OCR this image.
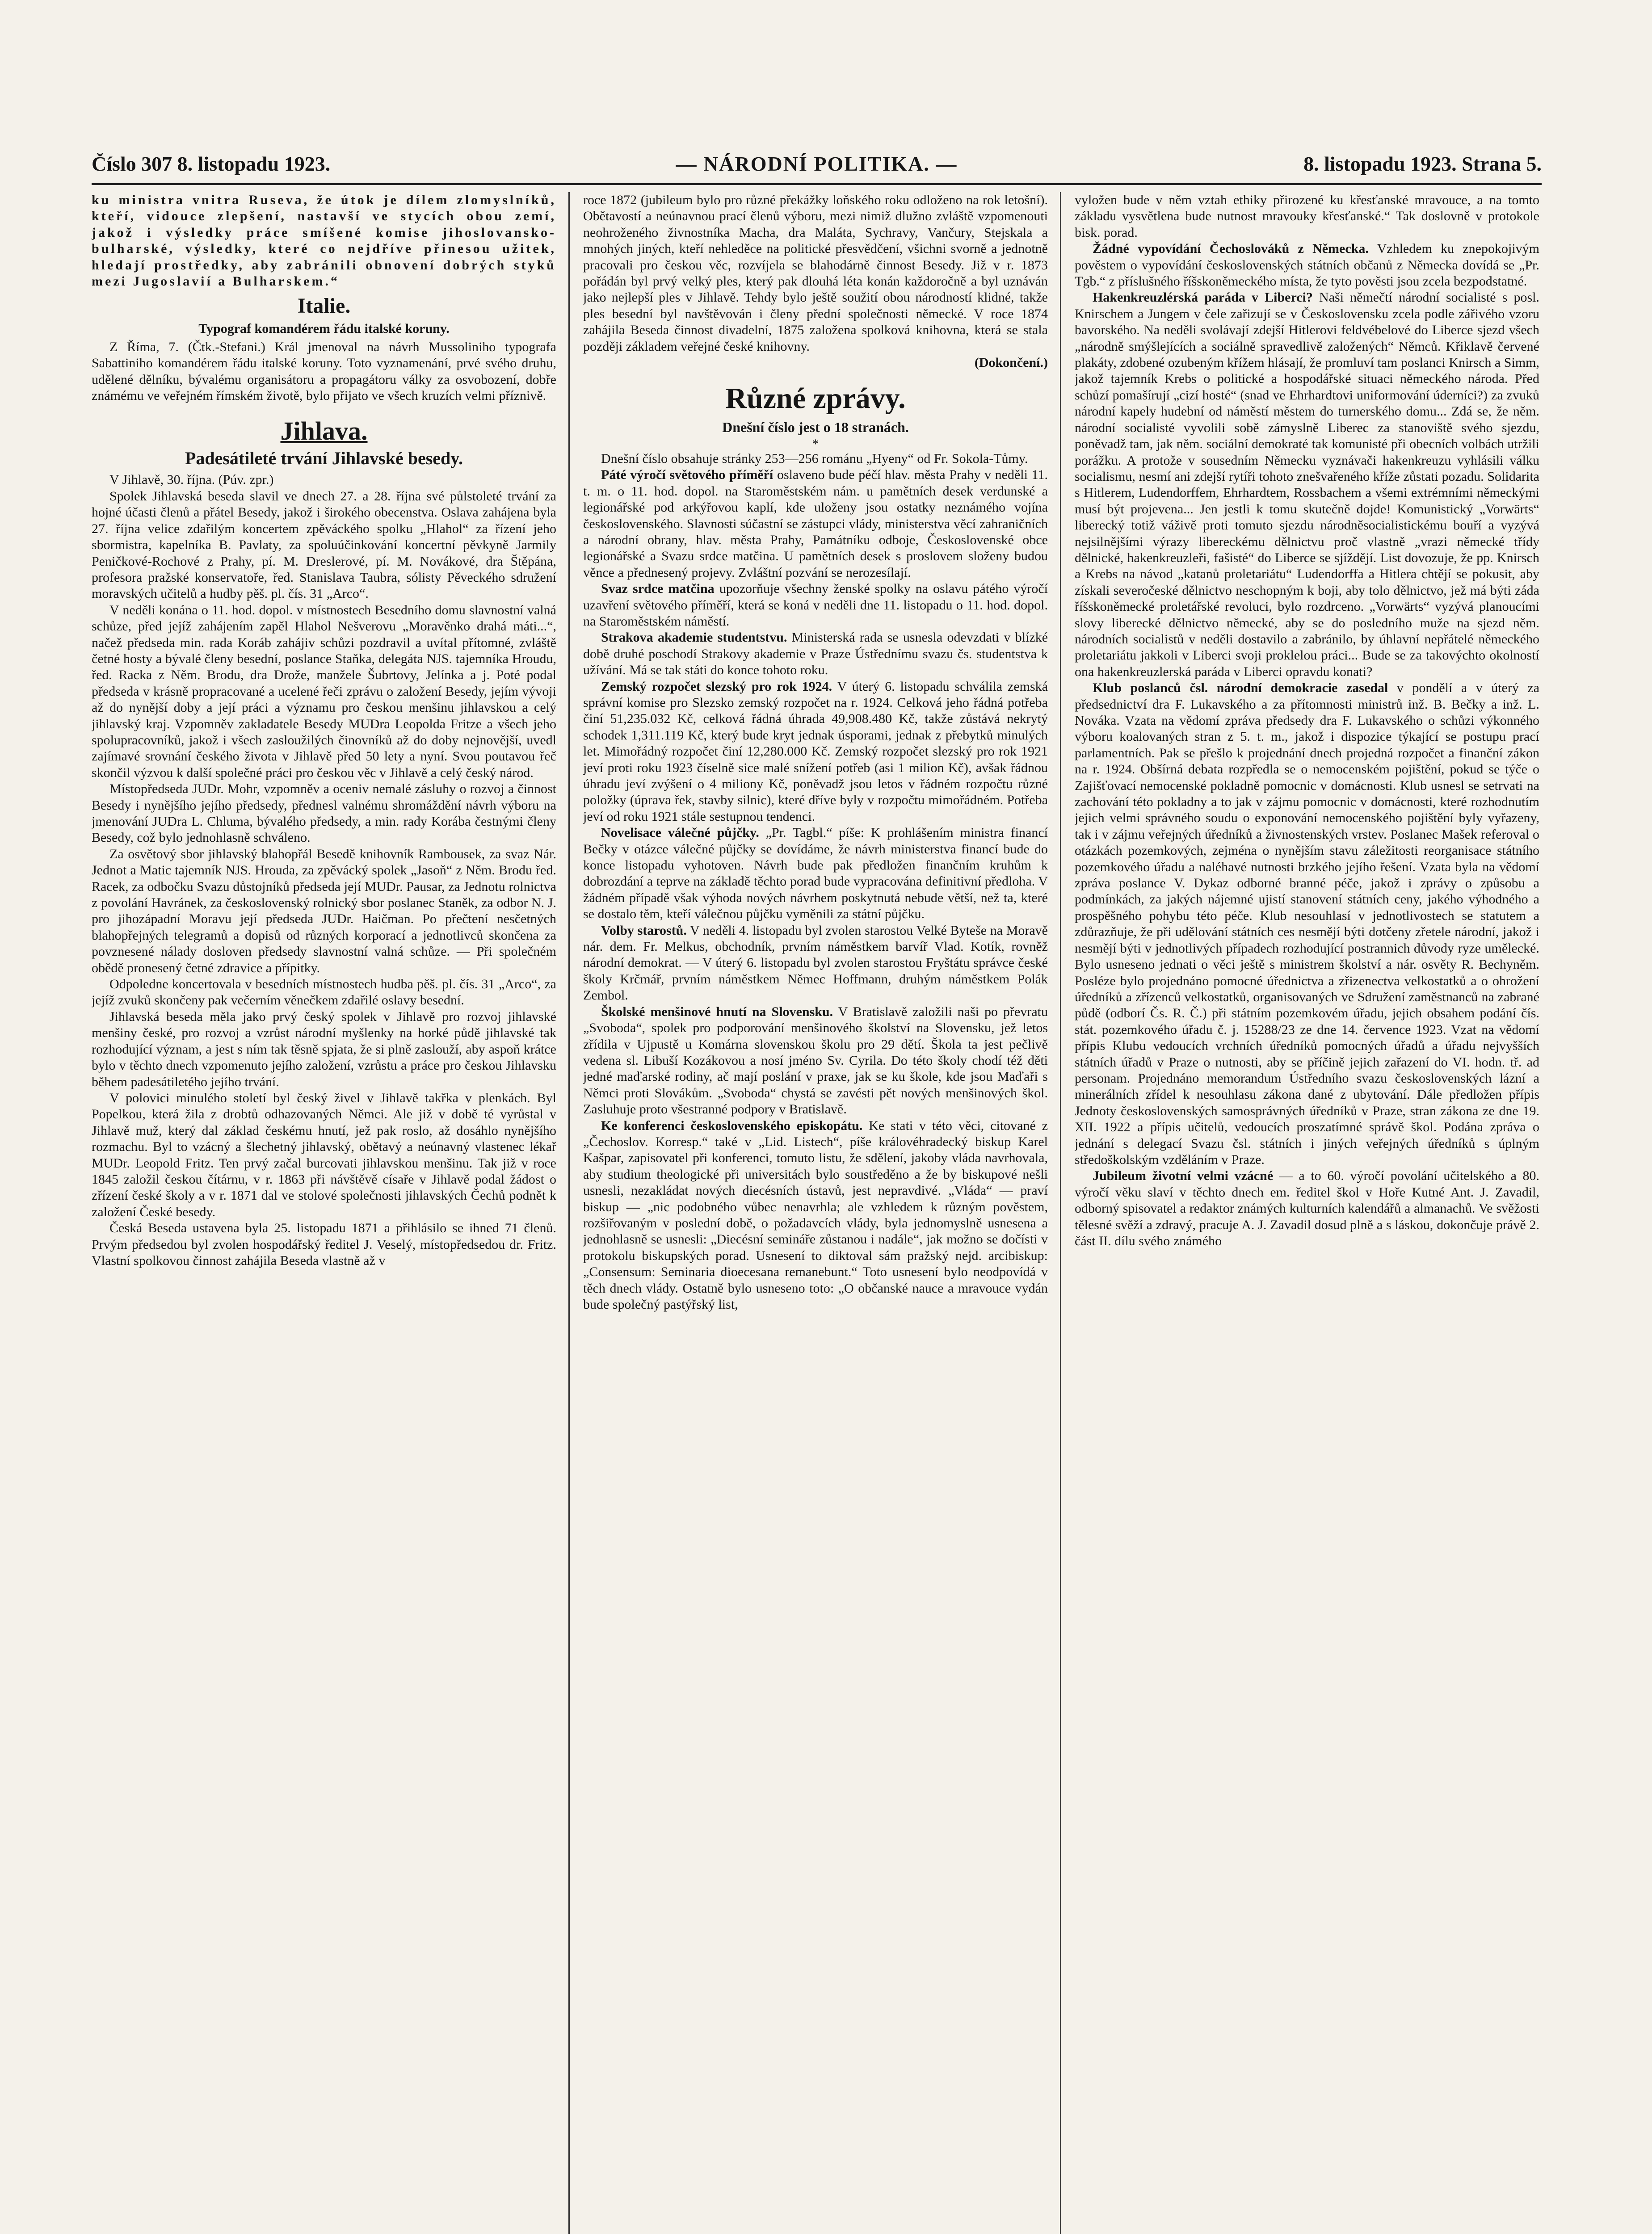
Číslo 307 8. listopadu 1923.	— NÁRODNÍ POLITIKA. —	8. listopadu 1923. Strana 5.

ku ministra vnitra Ruseva, že útok je dílem zlomyslníků, kteří, vidouce zlepšení, nastavší ve stycích obou zemí, jakož i výsledky práce smíšené komise jihoslovansko-bulharské, výsledky, které co nejdříve přinesou užitek, hledají prostředky, aby zabránili obnovení dobrých styků mezi Jugoslavií a Bulharskem.“

Italie.
Typograf komandérem řádu italské koruny.

Z Říma, 7. (Čtk.-Stefani.) Král jmenoval na návrh Mussoliniho typografa Sabattiniho komandérem řádu italské koruny. Toto vyznamenání, prvé svého druhu, udělené dělníku, bývalému organisátoru a propagátoru války za osvobození, dobře známému ve veřejném římském životě, bylo přijato ve všech kruzích velmi příznivě.

Jihlava.
Padesátileté trvání Jihlavské besedy.

V Jihlavě, 30. října. (Púv. zpr.)

Spolek Jihlavská beseda slavil ve dnech 27. a 28. října své půlstoleté trvání za hojné účasti členů a přátel Besedy, jakož i širokého obecenstva. Oslava zahájena byla 27. října velice zdařilým koncertem zpěváckého spolku „Hlahol“ za řízení jeho sbormistra, kapelníka B. Pavlaty, za spoluúčinkování koncertní pěvkyně Jarmily Peničkové-Rochové z Prahy, pí. M. Dreslerové, pí. M. Novákové, dra Štěpána, profesora pražské konservatoře, řed. Stanislava Taubra, sólisty Pěveckého sdružení moravských učitelů a hudby pěš. pl. čís. 31 „Arco“.

V neděli konána o 11. hod. dopol. v místnostech Besedního domu slavnostní valná schůze, před jejíž zahájením zapěl Hlahol Nešverovu „Moravěnko drahá máti...“, načež předseda min. rada Koráb zahájiv schůzi pozdravil a uvítal přítomné, zvláště četné hosty a bývalé členy besední, poslance Staňka, delegáta NJS. tajemníka Hroudu, řed. Racka z Něm. Brodu, dra Drože, manžele Šubrtovy, Jelínka a j. Poté podal předseda v krásně propracované a ucelené řeči zprávu o založení Besedy, jejím vývoji až do nynější doby a její práci a významu pro českou menšinu jihlavskou a celý jihlavský kraj. Vzpomněv zakladatele Besedy MUDra Leopolda Fritze a všech jeho spolupracovníků, jakož i všech zasloužilých činovníků až do doby nejnovější, uvedl zajímavé srovnání českého života v Jihlavě před 50 lety a nyní. Svou poutavou řeč skončil výzvou k další společné práci pro českou věc v Jihlavě a celý český národ.

Místopředseda JUDr. Mohr, vzpomněv a oceniv nemalé zásluhy o rozvoj a činnost Besedy i nynějšího jejího předsedy, přednesl valnému shromáždění návrh výboru na jmenování JUDra L. Chluma, bývalého předsedy, a min. rady Korába čestnými členy Besedy, což bylo jednohlasně schváleno.

Za osvětový sbor jihlavský blahopřál Besedě knihovník Rambousek, za svaz Nár. Jednot a Matic tajemník NJS. Hrouda, za zpěvácký spolek „Jasoň“ z Něm. Brodu řed. Racek, za odbočku Svazu důstojníků předseda její MUDr. Pausar, za Jednotu rolnictva z povolání Havránek, za československý rolnický sbor poslanec Staněk, za odbor N. J. pro jihozápadní Moravu její předseda JUDr. Haičman. Po přečtení nesčetných blahopřejných telegramů a dopisů od různých korporací a jednotlivců skončena za povznesené nálady dosloven předsedy slavnostní valná schůze. — Při společném obědě pronesený četné zdravice a přípitky.

Odpoledne koncertovala v besedních místnostech hudba pěš. pl. čís. 31 „Arco“, za jejíž zvuků skončeny pak večerním věnečkem zdařilé oslavy besední.

Jihlavská beseda měla jako prvý český spolek v Jihlavě pro rozvoj jihlavské menšiny české, pro rozvoj a vzrůst národní myšlenky na horké půdě jihlavské tak rozhodující význam, a jest s ním tak těsně spjata, že si plně zaslouží, aby aspoň krátce bylo v těchto dnech vzpomenuto jejího založení, vzrůstu a práce pro českou Jihlavsku během padesátiletého jejího trvání.

V polovici minulého století byl český živel v Jihlavě takřka v plenkách. Byl Popelkou, která žila z drobtů odhazovaných Němci. Ale již v době té vyrůstal v Jihlavě muž, který dal základ českému hnutí, jež pak roslo, až dosáhlo nynějšího rozmachu. Byl to vzácný a šlechetný jihlavský, obětavý a neúnavný vlastenec lékař MUDr. Leopold Fritz. Ten prvý začal burcovati jihlavskou menšinu. Tak již v roce 1845 založil českou čítárnu, v r. 1863 při návštěvě císaře v Jihlavě podal žádost o zřízení české školy a v r. 1871 dal ve stolové společnosti jihlavských Čechů podnět k založení České besedy.

Česká Beseda ustavena byla 25. listopadu 1871 a přihlásilo se ihned 71 členů. Prvým předsedou byl zvolen hospodářský ředitel J. Veselý, místopředsedou dr. Fritz. Vlastní spolkovou činnost zahájila Beseda vlastně až v

roce 1872 (jubileum bylo pro různé překážky loňského roku odloženo na rok letošní). Obětavostí a neúnavnou prací členů výboru, mezi nimiž dlužno zvláště vzpomenouti neohroženého živnostníka Macha, dra Maláta, Sychravy, Vančury, Stejskala a mnohých jiných, kteří nehleděce na politické přesvědčení, všichni svorně a jednotně pracovali pro českou věc, rozvíjela se blahodárně činnost Besedy. Již v r. 1873 pořádán byl prvý velký ples, který pak dlouhá léta konán každoročně a byl uznáván jako nejlepší ples v Jihlavě. Tehdy bylo ještě soužití obou národností klidné, takže ples besední byl navštěvován i členy přední společnosti německé. V roce 1874 zahájila Beseda činnost divadelní, 1875 založena spolková knihovna, která se stala později základem veřejné české knihovny.

(Dokončení.)

Různé zprávy.
Dnešní číslo jest o 18 stranách.
*

Dnešní číslo obsahuje stránky 253—256 románu „Hyeny“ od Fr. Sokola-Tůmy.

Páté výročí světového příměří oslaveno bude péčí hlav. města Prahy v neděli 11. t. m. o 11. hod. dopol. na Staroměstském nám. u pamětních desek verdunské a legionářské pod arkýřovou kaplí, kde uloženy jsou ostatky neznámého vojína československého. Slavnosti súčastní se zástupci vlády, ministerstva věcí zahraničních a národní obrany, hlav. města Prahy, Památníku odboje, Československé obce legionářské a Svazu srdce matčina. U pamětních desek s proslovem složeny budou věnce a přednesený projevy. Zvláštní pozvání se nerozesílají.

Svaz srdce matčina upozorňuje všechny ženské spolky na oslavu pátého výročí uzavření světového příměří, která se koná v neděli dne 11. listopadu o 11. hod. dopol. na Staroměstském náměstí.

Strakova akademie studentstvu. Ministerská rada se usnesla odevzdati v blízké době druhé poschodí Strakovy akademie v Praze Ústřednímu svazu čs. studentstva k užívání. Má se tak státi do konce tohoto roku.

Zemský rozpočet slezský pro rok 1924. V úterý 6. listopadu schválila zemská správní komise pro Slezsko zemský rozpočet na r. 1924. Celková jeho řádná potřeba činí 51,235.032 Kč, celková řádná úhrada 49,908.480 Kč, takže zůstává nekrytý schodek 1,311.119 Kč, který bude kryt jednak úsporami, jednak z přebytků minulých let. Mimořádný rozpočet činí 12,280.000 Kč. Zemský rozpočet slezský pro rok 1921 jeví proti roku 1923 číselně sice malé snížení potřeb (asi 1 milion Kč), avšak řádnou úhradu jeví zvýšení o 4 miliony Kč, poněvadž jsou letos v řádném rozpočtu různé položky (úprava řek, stavby silnic), které dříve byly v rozpočtu mimořádném. Potřeba jeví od roku 1921 stále sestupnou tendenci.

Novelisace válečné půjčky. „Pr. Tagbl.“ píše: K prohlášením ministra financí Bečky v otázce válečné půjčky se dovídáme, že návrh ministerstva financí bude do konce listopadu vyhotoven. Návrh bude pak předložen finančním kruhům k dobrozdání a teprve na základě těchto porad bude vypracována definitivní předloha. V žádném případě však výhoda nových návrhem poskytnutá nebude větší, než ta, které se dostalo těm, kteří válečnou půjčku vyměnili za státní půjčku.

Volby starostů. V neděli 4. listopadu byl zvolen starostou Velké Byteše na Moravě nár. dem. Fr. Melkus, obchodník, prvním náměstkem barvíř Vlad. Kotík, rovněž národní demokrat. — V úterý 6. listopadu byl zvolen starostou Fryštátu správce české školy Krčmář, prvním náměstkem Němec Hoffmann, druhým náměstkem Polák Zembol.

Školské menšinové hnutí na Slovensku. V Bratislavě založili naši po převratu „Svoboda“, spolek pro podporování menšinového školství na Slovensku, jež letos zřídila v Ujpustě u Komárna slovenskou školu pro 29 dětí. Škola ta jest pečlivě vedena sl. Libuší Kozákovou a nosí jméno Sv. Cyrila. Do této školy chodí též děti jedné maďarské rodiny, ač mají poslání v praxe, jak se ku škole, kde jsou Maďaři s Němci proti Slovákům. „Svoboda“ chystá se zavésti pět nových menšinových škol. Zasluhuje proto všestranné podpory v Bratislavě.

Ke konferenci československého episkopátu. Ke stati v této věci, citované z „Čechoslov. Korresp.“ také v „Lid. Listech“, píše královéhradecký biskup Karel Kašpar, zapisovatel při konferenci, tomuto listu, že sdělení, jakoby vláda navrhovala, aby studium theologické při universitách bylo soustředěno a že by biskupové nešli usnesli, nezakládat nových diecésních ústavů, jest nepravdivé. „Vláda“ — praví biskup — „nic podobného vůbec nenavrhla; ale vzhledem k různým pověstem, rozšiřovaným v poslední době, o požadavcích vlády, byla jednomyslně usnesena a jednohlasně se usnesli: „Diecésní semináře zůstanou i nadále“, jak možno se dočísti v protokolu biskupských porad. Usnesení to diktoval sám pražský nejd. arcibiskup: „Consensum: Seminaria dioecesana remanebunt.“ Toto usnesení bylo neodpovídá v těch dnech vlády. Ostatně bylo usneseno toto: „O občanské nauce a mravouce vydán bude společný pastýřský list,

vyložen bude v něm vztah ethiky přirozené ku křesťanské mravouce, a na tomto základu vysvětlena bude nutnost mravouky křesťanské.“ Tak doslovně v protokole bisk. porad.

Žádné vypovídání Čechoslováků z Německa. Vzhledem ku znepokojivým pověstem o vypovídání československých státních občanů z Německa dovídá se „Pr. Tgb.“ z příslušného říšskoněmeckého místa, že tyto pověsti jsou zcela bezpodstatné.

Hakenkreuzlérská paráda v Liberci? Naši němečtí národní socialisté s posl. Knirschem a Jungem v čele zařizují se v Československu zcela podle zářivého vzoru bavorského. Na neděli svolávají zdejší Hitlerovi feldvébelové do Liberce sjezd všech „národně smýšlejících a sociálně spravedlivě založených“ Němců. Křiklavě červené plakáty, zdobené ozubeným křížem hlásají, že promluví tam poslanci Knirsch a Simm, jakož tajemník Krebs o politické a hospodářské situaci německého národa. Před schůzí pomašírují „cizí hosté“ (snad ve Ehrhardtovi uniformování úderníci?) za zvuků národní kapely hudební od náměstí městem do turnerského domu... Zdá se, že něm. národní socialisté vyvolili sobě zámyslně Liberec za stanoviště svého sjezdu, poněvadž tam, jak něm. sociální demokraté tak komunisté při obecních volbách utržili porážku. A protože v sousedním Německu vyznávači hakenkreuzu vyhlásili válku socialismu, nesmí ani zdejší rytíři tohoto znešvařeného kříže zůstati pozadu. Solidarita s Hitlerem, Ludendorffem, Ehrhardtem, Rossbachem a všemi extrémními německými musí být projevena... Jen jestli k tomu skutečně dojde! Komunistický „Vorwärts“ liberecký totiž váživě proti tomuto sjezdu národněsocialistickému bouří a vyzývá nejsilnějšími výrazy libereckému dělnictvu proč vlastně „vrazi německé třídy dělnické, hakenkreuzleři, fašisté“ do Liberce se sjíždějí. List dovozuje, že pp. Knirsch a Krebs na návod „katanů proletariátu“ Ludendorffa a Hitlera chtějí se pokusit, aby získali severočeské dělnictvo neschopným k boji, aby tolo dělnictvo, jež má býti záda říšskoněmecké proletářské revoluci, bylo rozdrceno. „Vorwärts“ vyzývá planoucími slovy liberecké dělnictvo německé, aby se do posledního muže na sjezd něm. národních socialistů v neděli dostavilo a zabránilo, by úhlavní nepřátelé německého proletariátu jakkoli v Liberci svoji proklelou práci... Bude se za takovýchto okolností ona hakenkreuzlerská paráda v Liberci opravdu konati?

Klub poslanců čsl. národní demokracie zasedal v pondělí a v úterý za předsednictví dra F. Lukavského a za přítomnosti ministrů inž. B. Bečky a inž. L. Nováka. Vzata na vědomí zpráva předsedy dra F. Lukavského o schůzi výkonného výboru koalovaných stran z 5. t. m., jakož i dispozice týkající se postupu prací parlamentních. Pak se přešlo k projednání dnech projedná rozpočet a finanční zákon na r. 1924. Obšírná debata rozpředla se o nemocenském pojištění, pokud se týče o Zajišťovací nemocenské pokladně pomocnic v domácnosti. Klub usnesl se setrvati na zachování této pokladny a to jak v zájmu pomocnic v domácnosti, které rozhodnutím jejich velmi správného soudu o exponování nemocenského pojištění byly vyřazeny, tak i v zájmu veřejných úředníků a živnostenských vrstev. Poslanec Mašek referoval o otázkách pozemkových, zejména o nynějším stavu záležitosti reorganisace státního pozemkového úřadu a naléhavé nutnosti brzkého jejího řešení. Vzata byla na vědomí zpráva poslance V. Dykaz odborné branné péče, jakož i zprávy o způsobu a podmínkách, za jakých nájemné ujistí stanovení státních ceny, jakého výhodného a prospěšného pohybu této péče. Klub nesouhlasí v jednotlivostech se statutem a zdůrazňuje, že při udělování státních ces nesmějí býti dotčeny zřetele národní, jakož i nesmějí býti v jednotlivých případech rozhodující postrannich důvody ryze umělecké. Bylo usneseno jednati o věci ještě s ministrem školství a nár. osvěty R. Bechyněm. Posléze bylo projednáno pomocné úřednictva a zřizenectva velkostatků a o ohrožení úředníků a zřízenců velkostatků, organisovaných ve Sdružení zaměstnanců na zabrané půdě (odborí Čs. R. Č.) při státním pozemkovém úřadu, jejich obsahem podání čís. stát. pozemkového úřadu č. j. 15288/23 ze dne 14. července 1923. Vzat na vědomí přípis Klubu vedoucích vrchních úředníků pomocných úřadů a úřadu nejvyšších státních úřadů v Praze o nutnosti, aby se příčině jejich zařazení do VI. hodn. tř. ad personam. Projednáno memorandum Ústředního svazu československých lázní a minerálních zřídel k nesouhlasu zákona dané z ubytování. Dále předložen přípis Jednoty československých samosprávných úředníků v Praze, stran zákona ze dne 19. XII. 1922 a přípis učitelů, vedoucích proszatímné správě škol. Podána zpráva o jednání s delegací Svazu čsl. státních i jiných veřejných úředníků s úplným středoškolským vzděláním v Praze.

Jubileum životní velmi vzácné — a to 60. výročí povolání učitelského a 80. výročí věku slaví v těchto dnech em. ředitel škol v Hoře Kutné Ant. J. Zavadil, odborný spisovatel a redaktor známých kulturních kalendářů a almanachů. Ve svěžosti tělesné svěží a zdravý, pracuje A. J. Zavadil dosud plně a s láskou, dokončuje právě 2. část II. dílu svého známého
